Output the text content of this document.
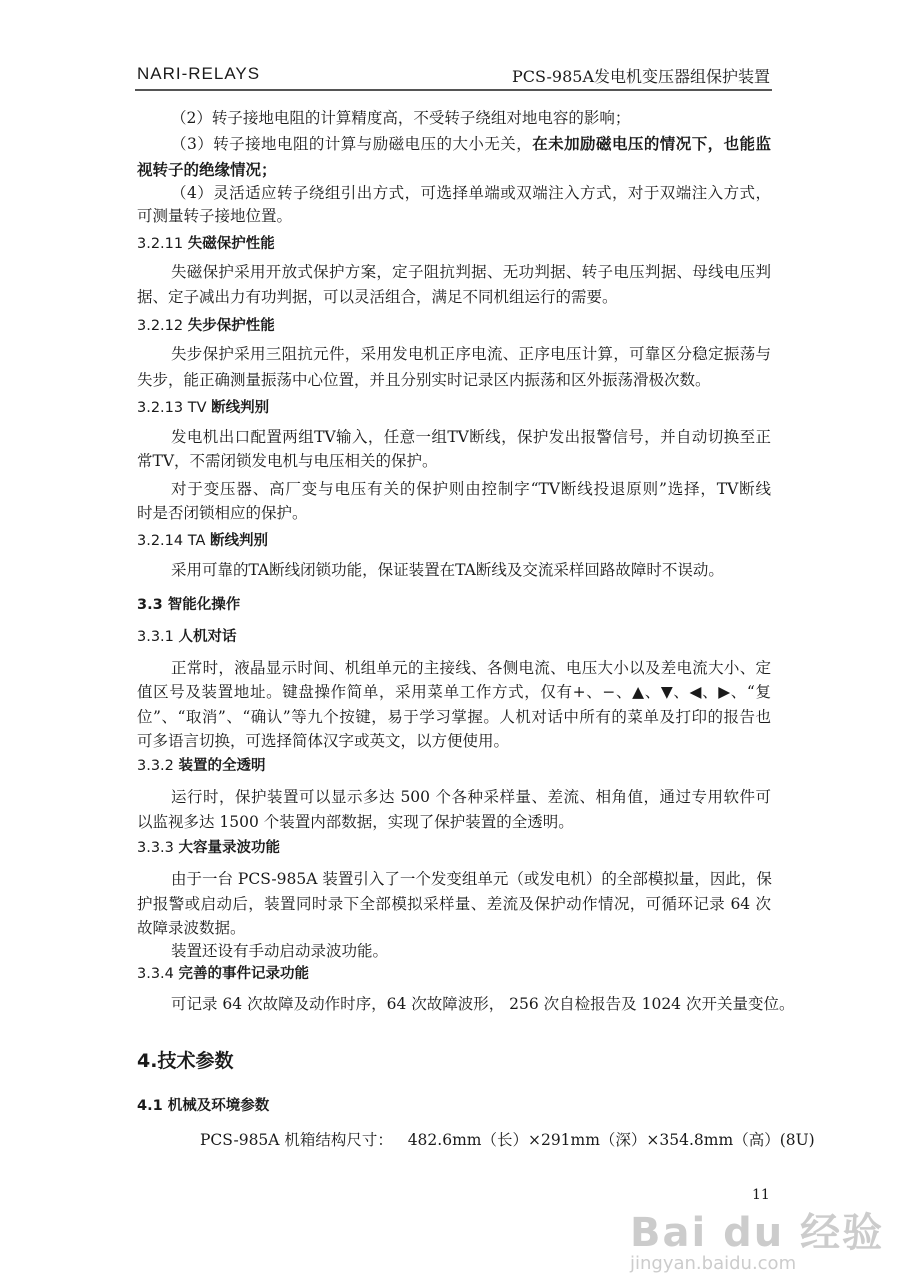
NARI-RELAYS	PCS-985A发电机变压器组保护装置
（2）转子接地电阻的计算精度高，不受转子绕组对地电容的影响；
（3）转子接地电阻的计算与励磁电压的大小无关，在未加励磁电压的情况下，也能监
视转子的绝缘情况；
（4）灵活适应转子绕组引出方式，可选择单端或双端注入方式，对于双端注入方式，
可测量转子接地位置。
3.2.11 失磁保护性能
失磁保护采用开放式保护方案，定子阻抗判据、无功判据、转子电压判据、母线电压判
据、定子减出力有功判据，可以灵活组合，满足不同机组运行的需要。
3.2.12 失步保护性能
失步保护采用三阻抗元件，采用发电机正序电流、正序电压计算，可靠区分稳定振荡与
失步，能正确测量振荡中心位置，并且分别实时记录区内振荡和区外振荡滑极次数。
3.2.13 TV 断线判别
发电机出口配置两组TV输入，任意一组TV断线，保护发出报警信号，并自动切换至正
常TV，不需闭锁发电机与电压相关的保护。
对于变压器、高厂变与电压有关的保护则由控制字“TV断线投退原则”选择，TV断线
时是否闭锁相应的保护。
3.2.14 TA 断线判别
采用可靠的TA断线闭锁功能，保证装置在TA断线及交流采样回路故障时不误动。
3.3 智能化操作
3.3.1 人机对话
正常时，液晶显示时间、机组单元的主接线、各侧电流、电压大小以及差电流大小、定
值区号及装置地址。键盘操作简单，采用菜单工作方式，仅有+、−、▲、▼、◀、▶、“复
位”、“取消”、“确认”等九个按键，易于学习掌握。人机对话中所有的菜单及打印的报告也
可多语言切换，可选择简体汉字或英文，以方便使用。
3.3.2 装置的全透明
运行时，保护装置可以显示多达 500 个各种采样量、差流、相角值，通过专用软件可
以监视多达 1500 个装置内部数据，实现了保护装置的全透明。
3.3.3 大容量录波功能
由于一台 PCS-985A 装置引入了一个发变组单元（或发电机）的全部模拟量，因此，保
护报警或启动后，装置同时录下全部模拟采样量、差流及保护动作情况，可循环记录 64 次
故障录波数据。
装置还设有手动启动录波功能。
3.3.4 完善的事件记录功能
可记录 64 次故障及动作时序，64 次故障波形， 256 次自检报告及 1024 次开关量变位。
4.技术参数
4.1 机械及环境参数
PCS-985A 机箱结构尺寸：   482.6mm（长）×291mm（深）×354.8mm（高）(8U)
11
Bai du 经验
jingyan.baidu.com
